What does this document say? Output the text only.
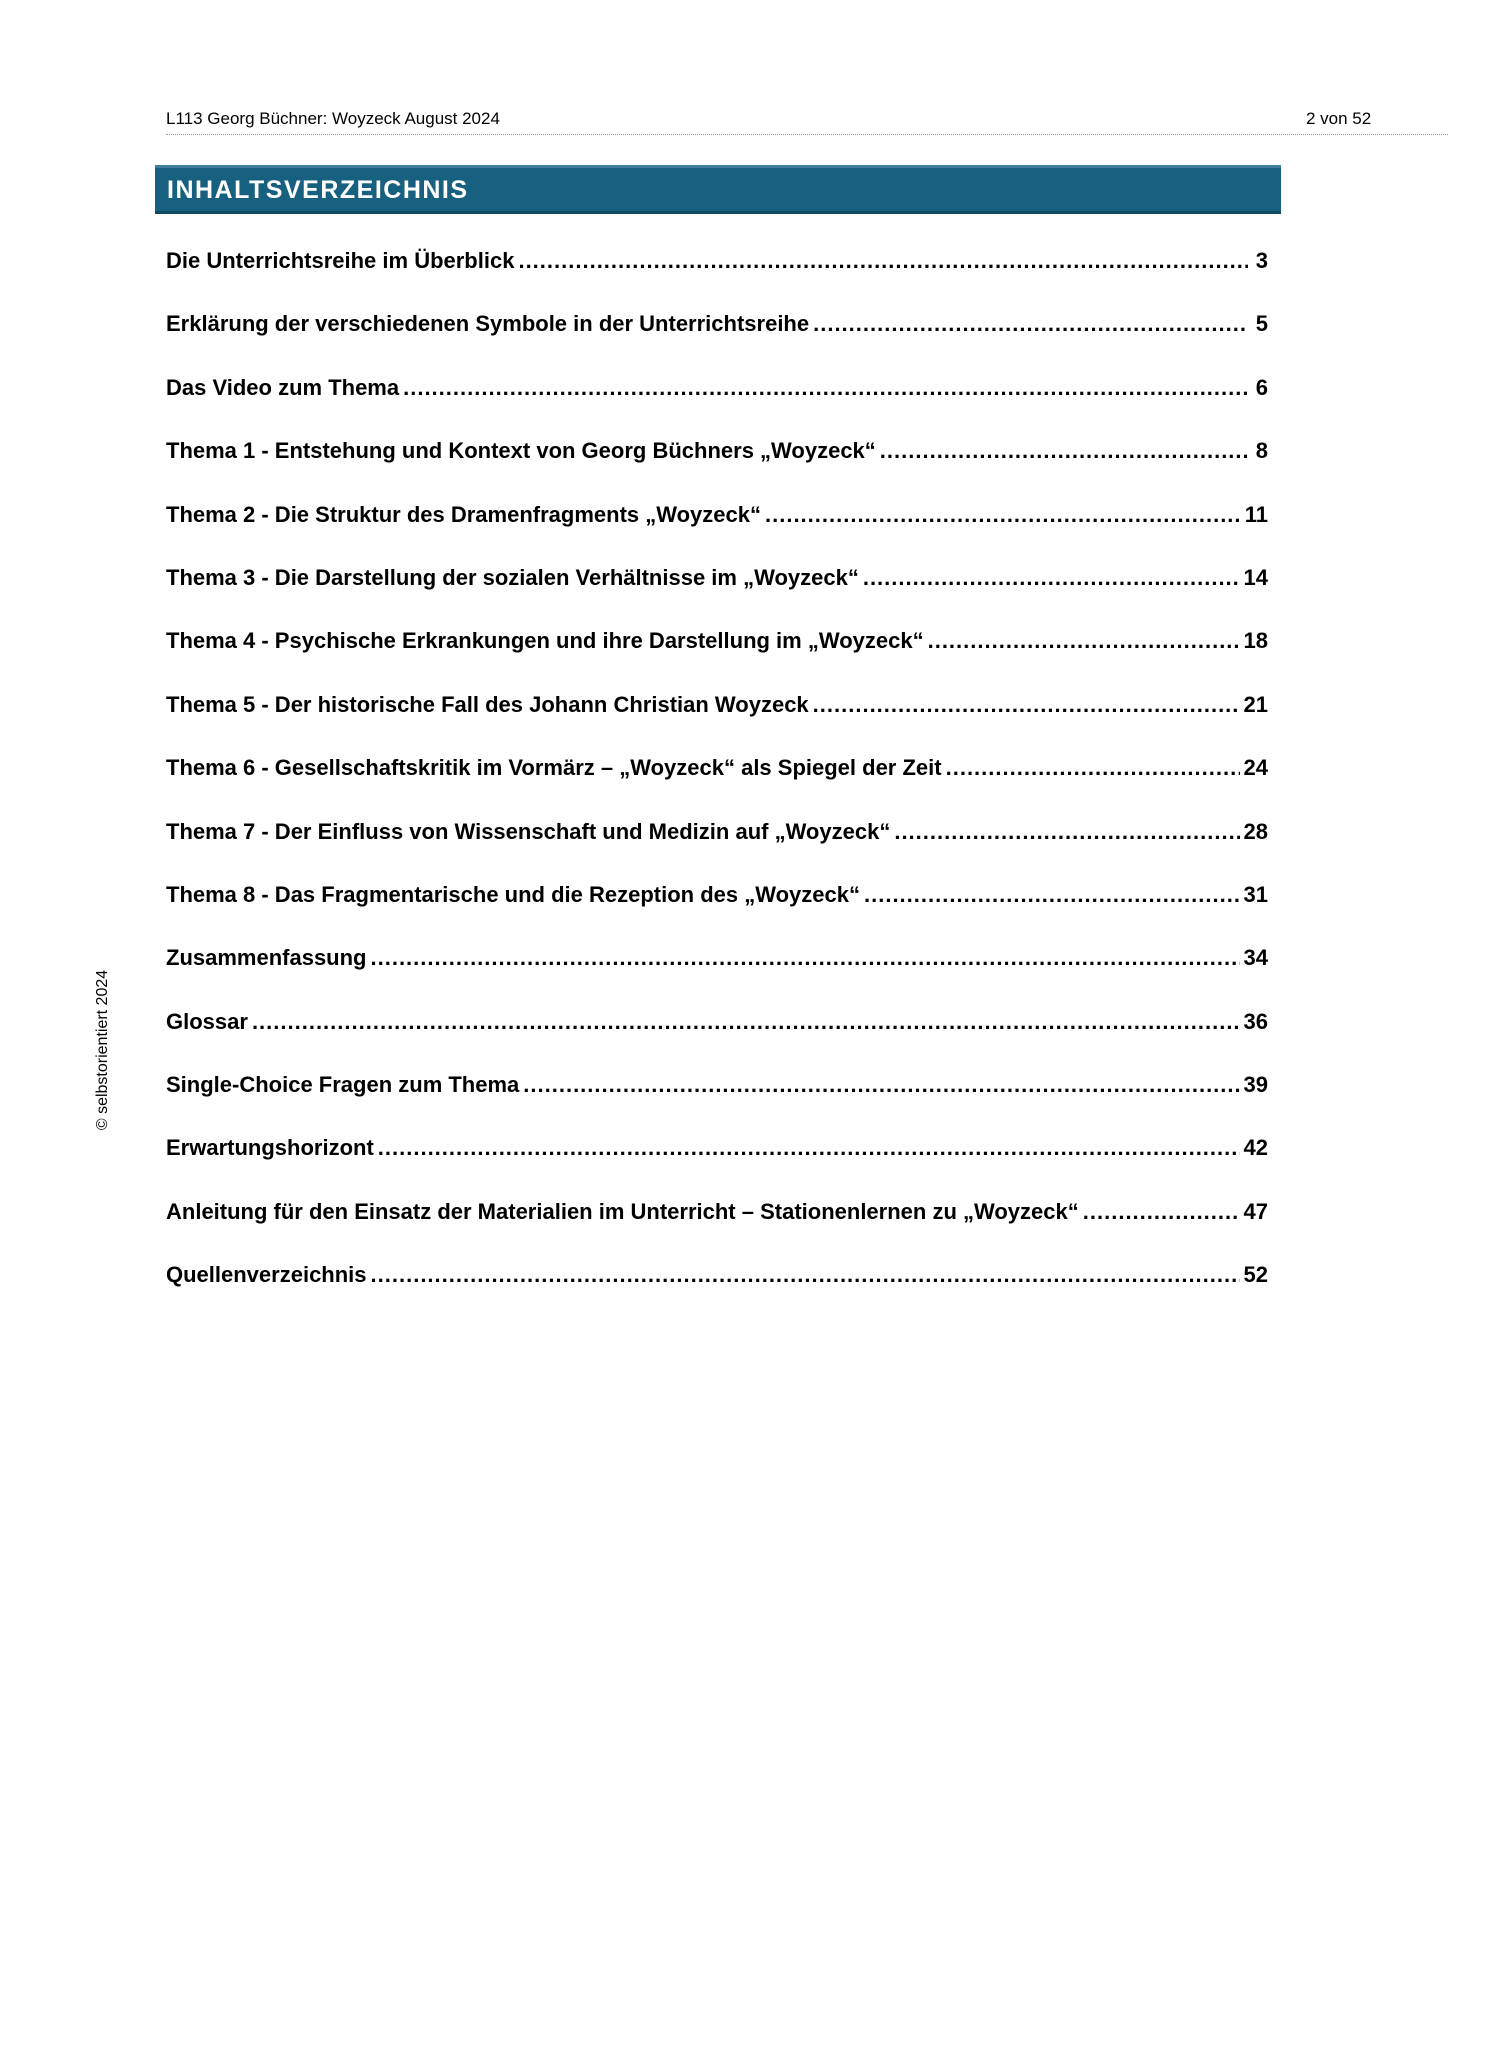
L113 Georg Büchner: Woyzeck August 2024	2 von 52
INHALTSVERZEICHNIS
Die Unterrichtsreihe im Überblick .....	3
Erklärung der verschiedenen Symbole in der Unterrichtsreihe .....	5
Das Video zum Thema .....	6
Thema 1 - Entstehung und Kontext von Georg Büchners „Woyzeck“ .....	8
Thema 2 - Die Struktur des Dramenfragments „Woyzeck“ .....	11
Thema 3 - Die Darstellung der sozialen Verhältnisse im „Woyzeck“ .....	14
Thema 4 - Psychische Erkrankungen und ihre Darstellung im „Woyzeck“ .....	18
Thema 5 - Der historische Fall des Johann Christian Woyzeck .....	21
Thema 6 - Gesellschaftskritik im Vormärz – „Woyzeck“ als Spiegel der Zeit .....	24
Thema 7 - Der Einfluss von Wissenschaft und Medizin auf „Woyzeck“ .....	28
Thema 8 - Das Fragmentarische und die Rezeption des „Woyzeck“ .....	31
Zusammenfassung .....	34
Glossar .....	36
Single-Choice Fragen zum Thema .....	39
Erwartungshorizont .....	42
Anleitung für den Einsatz der Materialien im Unterricht – Stationenlernen zu „Woyzeck“ .....	47
Quellenverzeichnis .....	52
© selbstorientiert 2024
